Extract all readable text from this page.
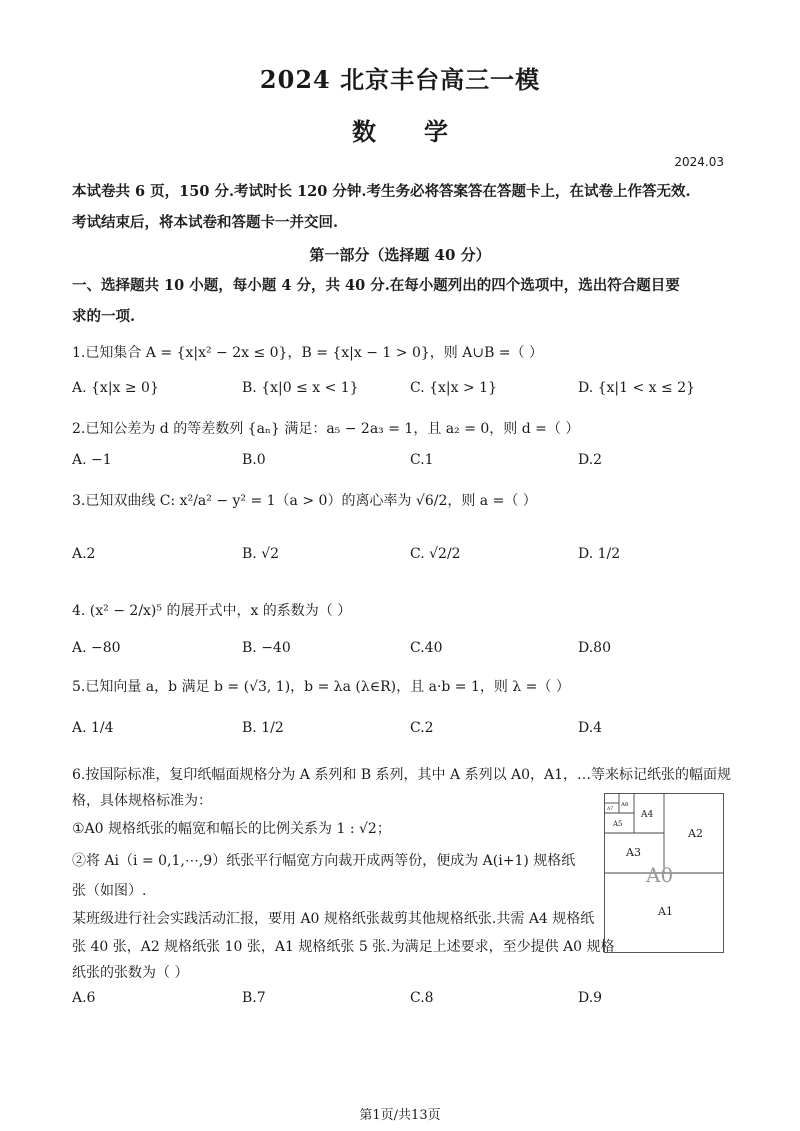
2024 北京丰台高三一模
数 学
2024.03
本试卷共 6 页，150 分.考试时长 120 分钟.考生务必将答案答在答题卡上，在试卷上作答无效.
考试结束后，将本试卷和答题卡一并交回.
第一部分（选择题 40 分）
一、选择题共 10 小题，每小题 4 分，共 40 分.在每小题列出的四个选项中，选出符合题目要
求的一项.
1.已知集合 A = {x|x² − 2x ≤ 0}，B = {x|x − 1 > 0}，则 A∪B =（ ）
A. {x|x ≥ 0}	B. {x|0 ≤ x < 1}	C. {x|x > 1}	D. {x|1 < x ≤ 2}
2.已知公差为 d 的等差数列 {aₙ} 满足：a₅ − 2a₃ = 1，且 a₂ = 0，则 d =（ ）
A. −1	B.0	C.1	D.2
3.已知双曲线 C: x²/a² − y² = 1（a > 0）的离心率为 √6/2，则 a =（ ）
A.2	B. √2	C. √2/2	D. 1/2
4. (x² − 2/x)⁵ 的展开式中，x 的系数为（ ）
A. −80	B. −40	C.40	D.80
5.已知向量 a，b 满足 b = (√3, 1)，b = λa (λ∈R)，且 a·b = 1，则 λ =（ ）
A. 1/4	B. 1/2	C.2	D.4
6.按国际标准，复印纸幅面规格分为 A 系列和 B 系列，其中 A 系列以 A0，A1，…等来标记纸张的幅面规
格，具体规格标准为：
①A0 规格纸张的幅宽和幅长的比例关系为 1 : √2；
②将 Ai（i = 0,1,⋯,9）纸张平行幅宽方向裁开成两等份，便成为 A(i+1) 规格纸
张（如图）.
某班级进行社会实践活动汇报，要用 A0 规格纸张裁剪其他规格纸张.共需 A4 规格纸
张 40 张，A2 规格纸张 10 张，A1 规格纸张 5 张.为满足上述要求，至少提供 A0 规格
纸张的张数为（ ）
A.6	B.7	C.8	D.9
A0
A1
A2
A3
A4
A5
A6
A7
第1页/共13页
